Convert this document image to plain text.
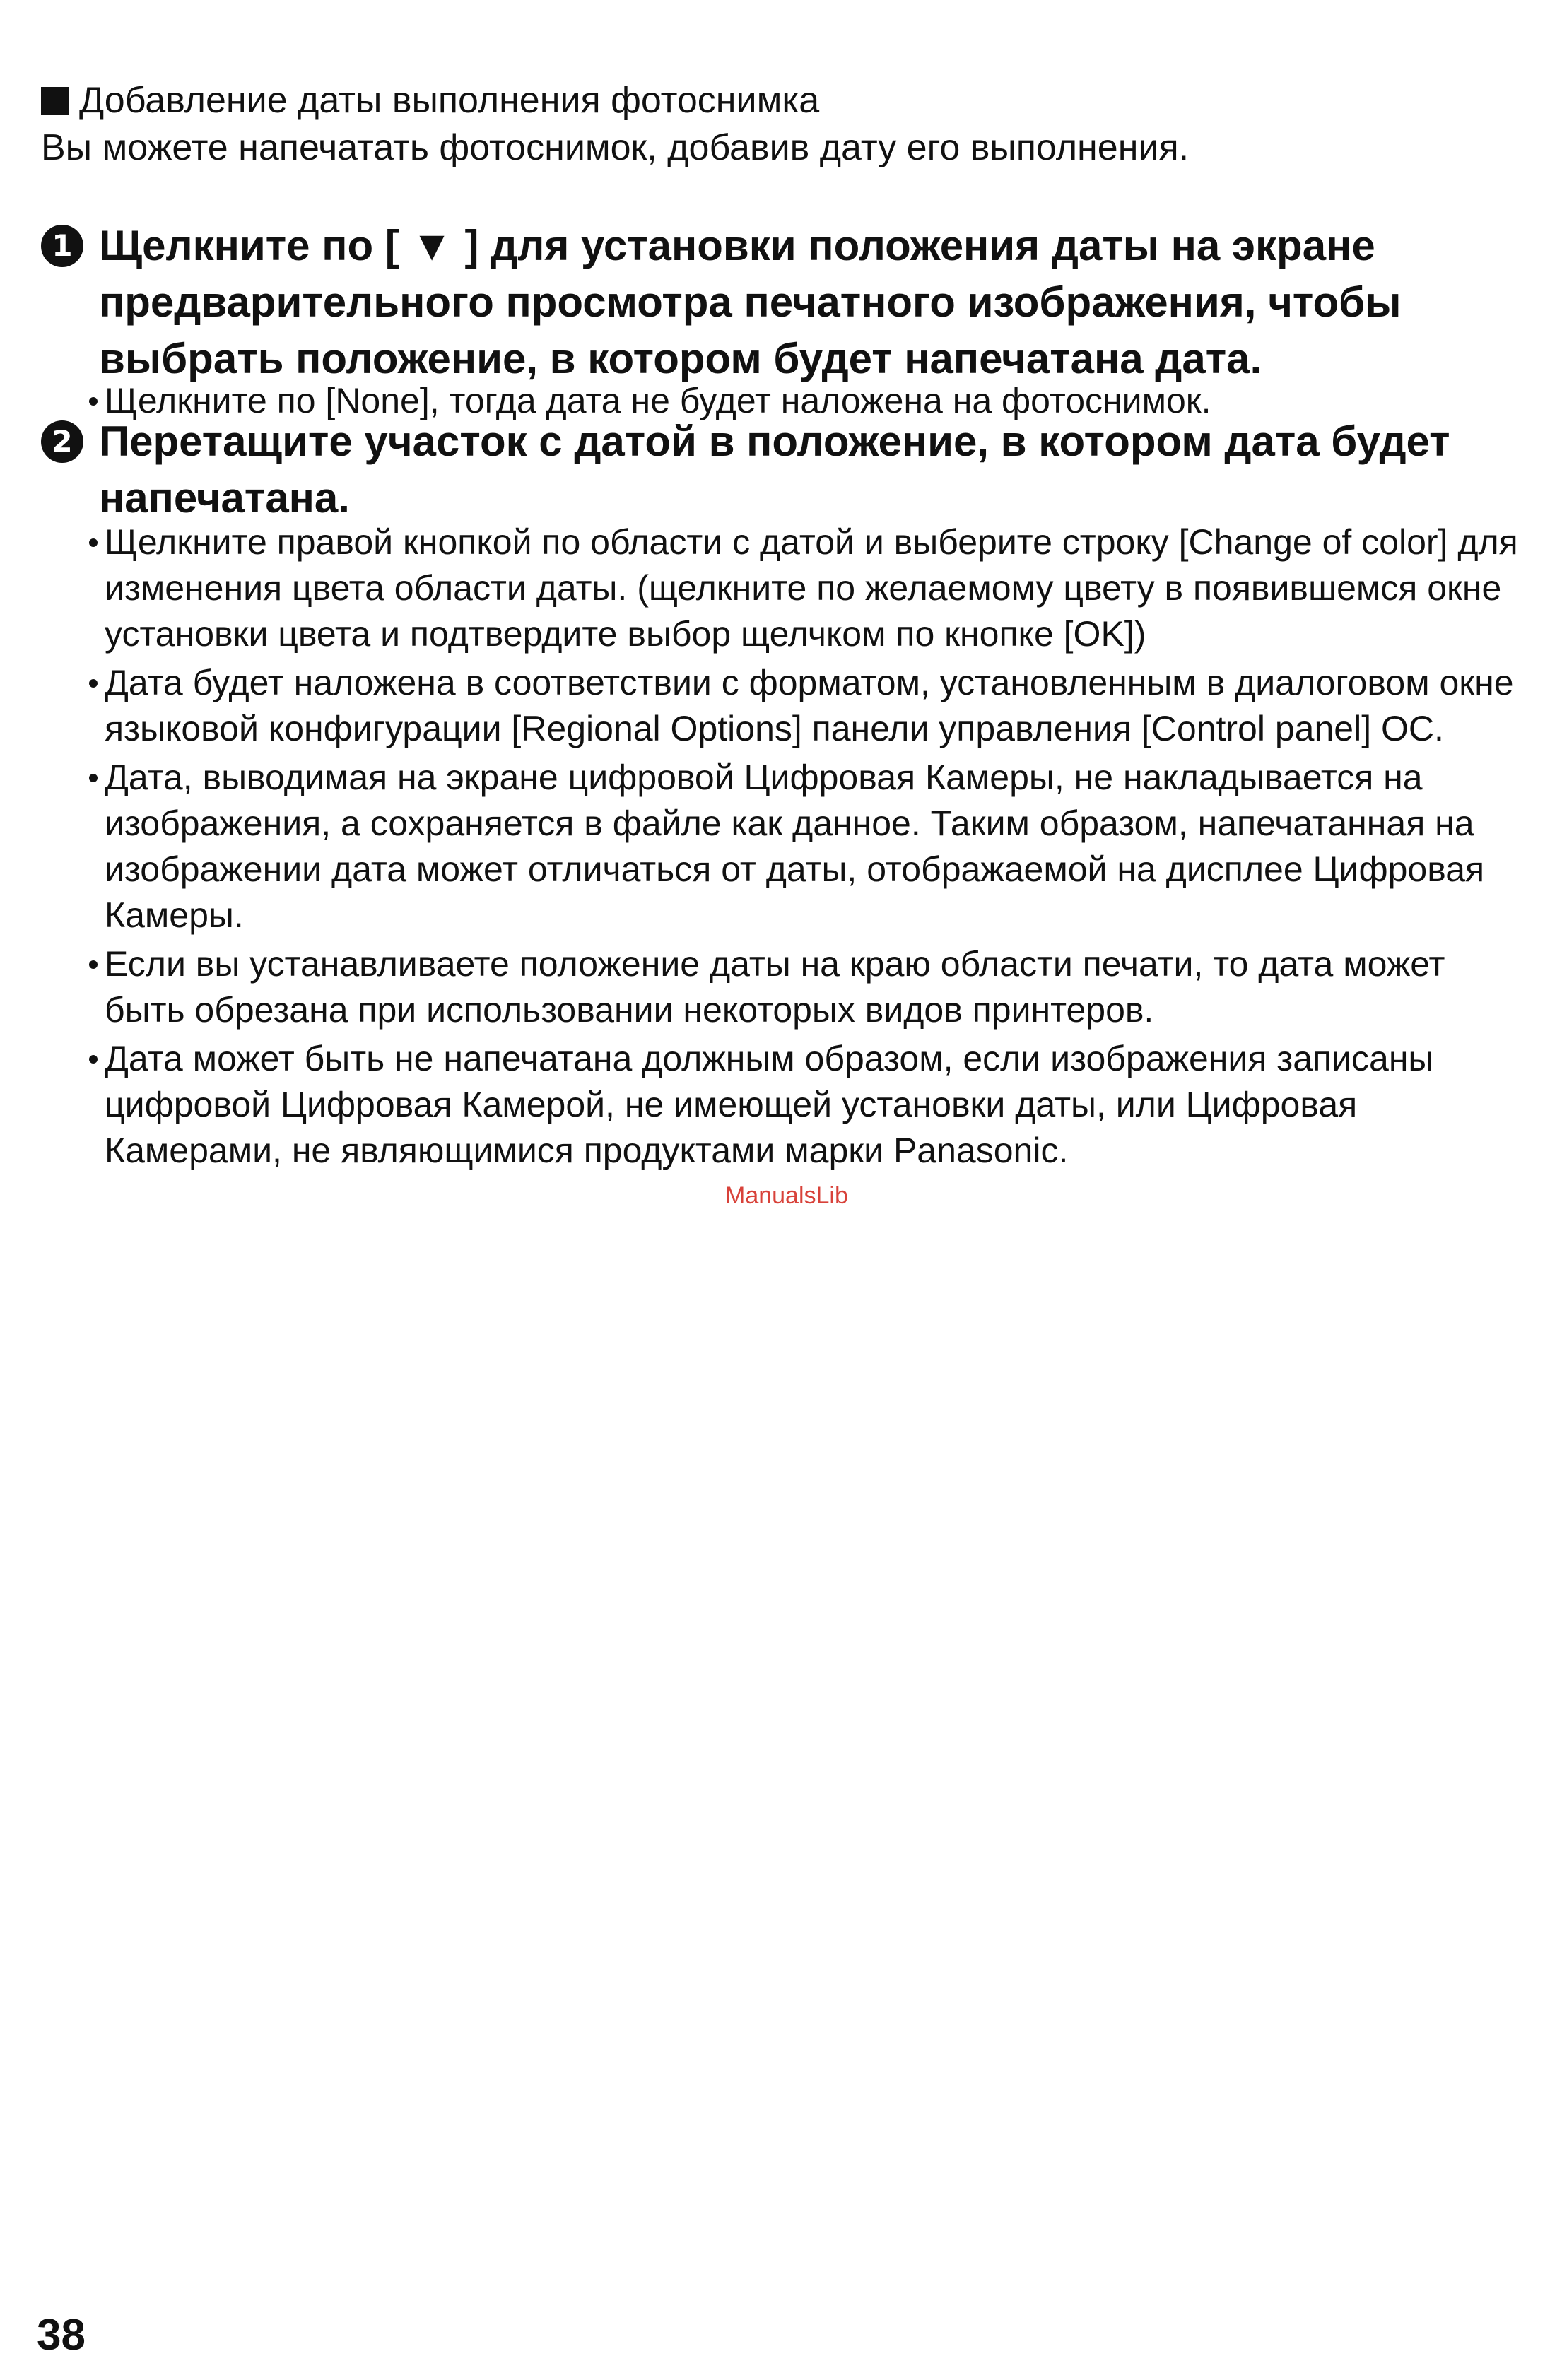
Добавление даты выполнения фотоснимка
Вы можете напечатать фотоснимок, добавив дату его выполнения.
1 Щелкните по [ ▼ ] для установки положения даты на экране предварительного просмотра печатного изображения, чтобы выбрать положение, в котором будет напечатана дата.
Щелкните по [None], тогда дата не будет наложена на фотоснимок.
2 Перетащите участок с датой в положение, в котором дата будет напечатана.
Щелкните правой кнопкой по области с датой и выберите строку [Change of color] для изменения цвета области даты. (щелкните по желаемому цвету в появившемся окне установки цвета и подтвердите выбор щелчком по кнопке [OK])
Дата будет наложена в соответствии с форматом, установленным в диалоговом окне языковой конфигурации [Regional Options] панели управления [Control panel] ОС.
Дата, выводимая на экране цифровой Цифровая Камеры, не накладывается на изображения, а сохраняется в файле как данное. Таким образом, напечатанная на изображении дата может отличаться от даты, отображаемой на дисплее Цифровая Камеры.
Если вы устанавливаете положение даты на краю области печати, то дата может быть обрезана при использовании некоторых видов принтеров.
Дата может быть не напечатана должным образом, если изображения записаны цифровой Цифровая Камерой, не имеющей установки даты, или Цифровая Камерами, не являющимися продуктами марки Panasonic.
ManualsLib
38
